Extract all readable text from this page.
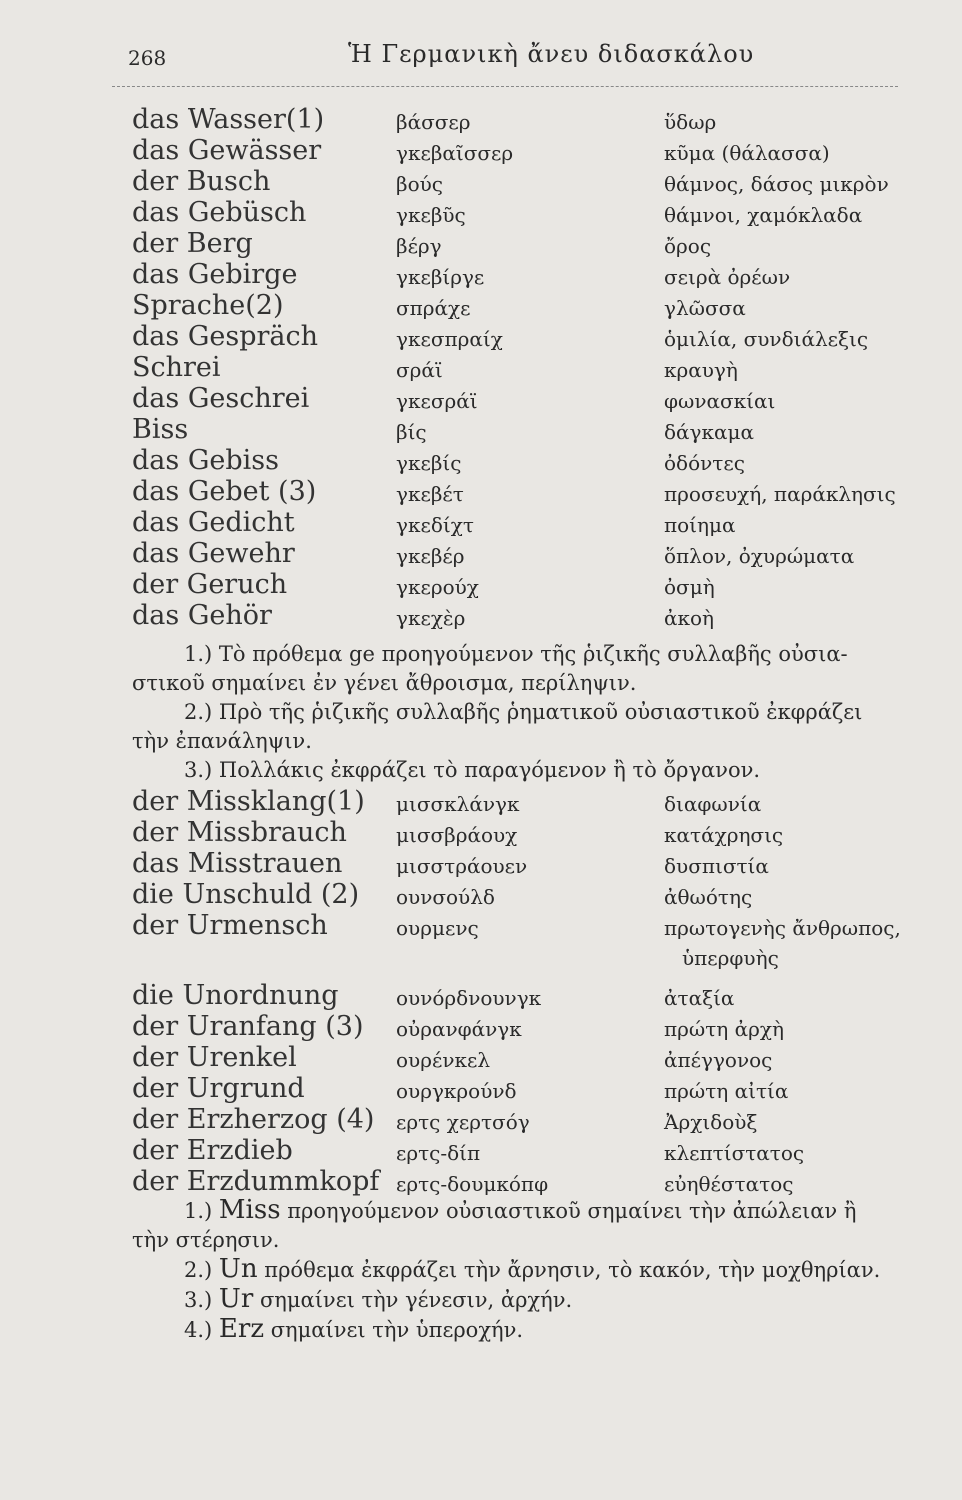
268	Ἡ Γερμανικὴ ἄνευ διδασκάλου
das Wasser(1)	βάσσερ	ὕδωρ
das Gewässer	γκεβαῖσσερ	κῦμα (θάλασσα)
der Busch	βούς	θάμνος, δάσος μικρὸν
das Gebüsch	γκεβῦς	θάμνοι, χαμόκλαδα
der Berg	βέργ	ὄρος
das Gebirge	γκεβίργε	σειρὰ ὀρέων
Sprache(2)	σπράχε	γλῶσσα
das Gespräch	γκεσπραίχ	ὁμιλία, συνδιάλεξις
Schrei	σράϊ	κραυγὴ
das Geschrei	γκεσράϊ	φωνασκίαι
Biss	βίς	δάγκαμα
das Gebiss	γκεβίς	ὀδόντες
das Gebet (3)	γκεβέτ	προσευχή, παράκλησις
das Gedicht	γκεδίχτ	ποίημα
das Gewehr	γκεβέρ	ὅπλον, ὀχυρώματα
der Geruch	γκερούχ	ὀσμὴ
das Gehör	γκεχὲρ	ἀκοὴ
1.) Τὸ πρόθεμα ge προηγούμενον τῆς ῥιζικῆς συλλαβῆς οὐσια-
στικοῦ σημαίνει ἐν γένει ἄθροισμα, περίληψιν.
2.) Πρὸ τῆς ῥιζικῆς συλλαβῆς ῥηματικοῦ οὐσιαστικοῦ ἐκφράζει
τὴν ἐπανάληψιν.
3.) Πολλάκις ἐκφράζει τὸ παραγόμενον ἢ τὸ ὄργανον.
der Missklang(1) μισσκλάνγκ	διαφωνία
der Missbrauch μισσβράουχ	κατάχρησις
das Misstrauen	μισστράουεν	δυσπιστία
die Unschuld (2) ουνσούλδ	ἀθωότης
der Urmensch	ουρμενς	πρωτογενὴς ἄνθρωπος,
ὑπερφυὴς
die Unordnung	ουνόρδνουνγκ	ἀταξία
der Uranfang (3) οὐρανφάνγκ	πρώτη ἀρχὴ
der Urenkel	ουρένκελ	ἀπέγγονος
der Urgrund	ουργκρούνδ	πρώτη αἰτία
der Erzherzog (4) ερτς χερτσόγ	Ἀρχιδοὺξ
der Erzdieb	ερτς-δίπ	κλεπτίστατος
der Erzdummkopf ερτς-δουμκόπφ	εὐηθέστατος
1.) Miss προηγούμενον οὐσιαστικοῦ σημαίνει τὴν ἀπώλειαν ἢ
τὴν στέρησιν.
2.) Un πρόθεμα ἐκφράζει τὴν ἄρνησιν, τὸ κακόν, τὴν μοχθηρίαν.
3.) Ur σημαίνει τὴν γένεσιν, ἀρχήν.
4.) Erz σημαίνει τὴν ὑπεροχήν.
